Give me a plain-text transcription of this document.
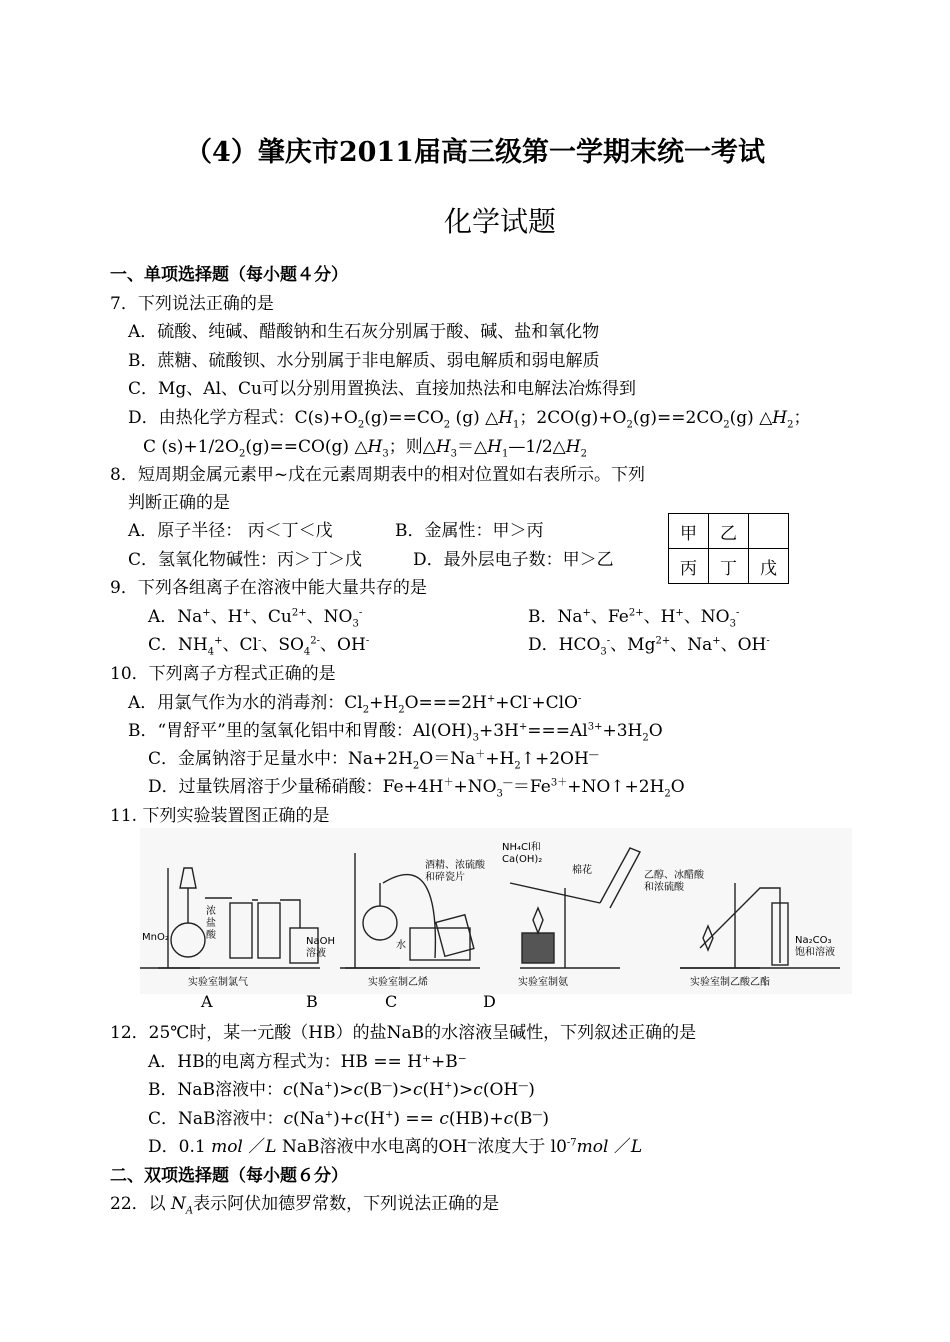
（4）肇庆市2011届高三级第一学期末统一考试
化学试题
一、单项选择题（每小题４分）
7．下列说法正确的是
A．硫酸、纯碱、醋酸钠和生石灰分别属于酸、碱、盐和氧化物
B．蔗糖、硫酸钡、水分别属于非电解质、弱电解质和弱电解质
C．Mg、Al、Cu可以分别用置换法、直接加热法和电解法冶炼得到
D．由热化学方程式：$C(s)+O_2(g)==CO_2$ (g) $\triangle H_1$；$2CO(g)+O_2(g)==2CO_2(g)$ $\triangle H_2$；
C $(s)+1/2O_2(g)==CO(g)$ $\triangle H_3$；则$\triangle H_3=\triangle H_1—1/2\triangle H_2$
8．短周期金属元素甲~戊在元素周期表中的相对位置如右表所示。下列
判断正确的是
A．原子半径： 丙＜丁＜戊	B．金属性：甲＞丙
C．氢氧化物碱性：丙＞丁＞戊	D．最外层电子数：甲＞乙
甲	乙	
丙	丁	戊
9．下列各组离子在溶液中能大量共存的是
A．Na+、H+、$Cu^{2+}$、$NO_3^-$	B．Na+、$Fe^{2+}$、H+、$NO_3^-$
C．$NH_4^+$、Cl-、$SO_4^{2-}$、OH-	D．$HCO_3^-$、$Mg^{2+}$、Na+、OH-
10．下列离子方程式正确的是
A．用氯气作为水的消毒剂：$Cl_2+H_2O===2H^++Cl^-+ClO^-$
B．“胃舒平”里的氢氧化铝中和胃酸：$Al(OH)_3+3H^+===Al^{3+}+3H_2O$
C．金属钠溶于足量水中：$Na+2H_2O=Na^++H_2↑+2OH^—$
D．过量铁屑溶于少量稀硝酸：$Fe+4H^++NO_3^—=Fe^{3+}+NO↑+2H_2O$
11. 下列实验装置图正确的是
MnO₂
浓
盐
酸
NaOH
溶液
实验室制氯气
酒精、浓硫酸
和碎瓷片
水
实验室制乙烯
NH₄Cl和
Ca(OH)₂
棉花
实验室制氨
乙醇、冰醋酸
和浓硫酸
Na₂CO₃
饱和溶液
实验室制乙酸乙酯
A	B	C	D
12．25℃时，某一元酸（HB）的盐NaB的水溶液呈碱性，下列叙述正确的是
A．HB的电离方程式为：HB == H⁺+B⁻
B．NaB溶液中：c(Na+)>c(B—)>c(H+)>c(OH—)
C．NaB溶液中：c(Na+)+c(H+) == c(HB)+c(B—)
D．0.1 mol ／L NaB溶液中水电离的OH—浓度大于 $l0^{-7}mol$ ／L
二、双项选择题（每小题６分）
22．以 $N_A$表示阿伏加德罗常数，下列说法正确的是
